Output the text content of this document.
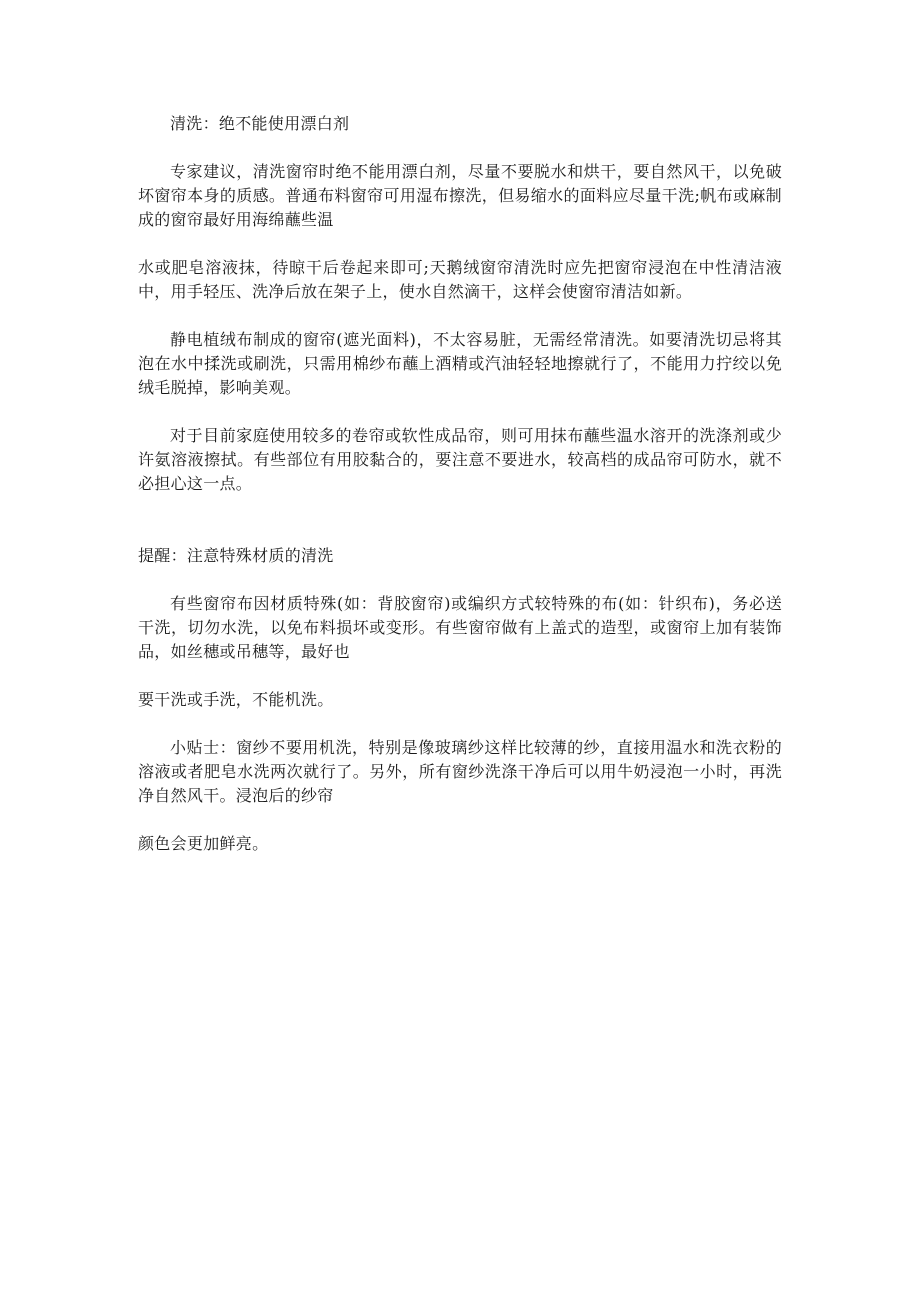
清洗：绝不能使用漂白剂

专家建议，清洗窗帘时绝不能用漂白剂，尽量不要脱水和烘干，要自然风干，以免破坏窗帘本身的质感。普通布料窗帘可用湿布擦洗，但易缩水的面料应尽量干洗;帆布或麻制成的窗帘最好用海绵蘸些温

水或肥皂溶液抹，待晾干后卷起来即可;天鹅绒窗帘清洗时应先把窗帘浸泡在中性清洁液中，用手轻压、洗净后放在架子上，使水自然滴干，这样会使窗帘清洁如新。

静电植绒布制成的窗帘(遮光面料)，不太容易脏，无需经常清洗。如要清洗切忌将其泡在水中揉洗或刷洗，只需用棉纱布蘸上酒精或汽油轻轻地擦就行了，不能用力拧绞以免绒毛脱掉，影响美观。

对于目前家庭使用较多的卷帘或软性成品帘，则可用抹布蘸些温水溶开的洗涤剂或少许氨溶液擦拭。有些部位有用胶黏合的，要注意不要进水，较高档的成品帘可防水，就不必担心这一点。

提醒：注意特殊材质的清洗

有些窗帘布因材质特殊(如：背胶窗帘)或编织方式较特殊的布(如：针织布)，务必送干洗，切勿水洗，以免布料损坏或变形。有些窗帘做有上盖式的造型，或窗帘上加有装饰品，如丝穗或吊穗等，最好也

要干洗或手洗，不能机洗。

小贴士：窗纱不要用机洗，特别是像玻璃纱这样比较薄的纱，直接用温水和洗衣粉的溶液或者肥皂水洗两次就行了。另外，所有窗纱洗涤干净后可以用牛奶浸泡一小时，再洗净自然风干。浸泡后的纱帘

颜色会更加鲜亮。
